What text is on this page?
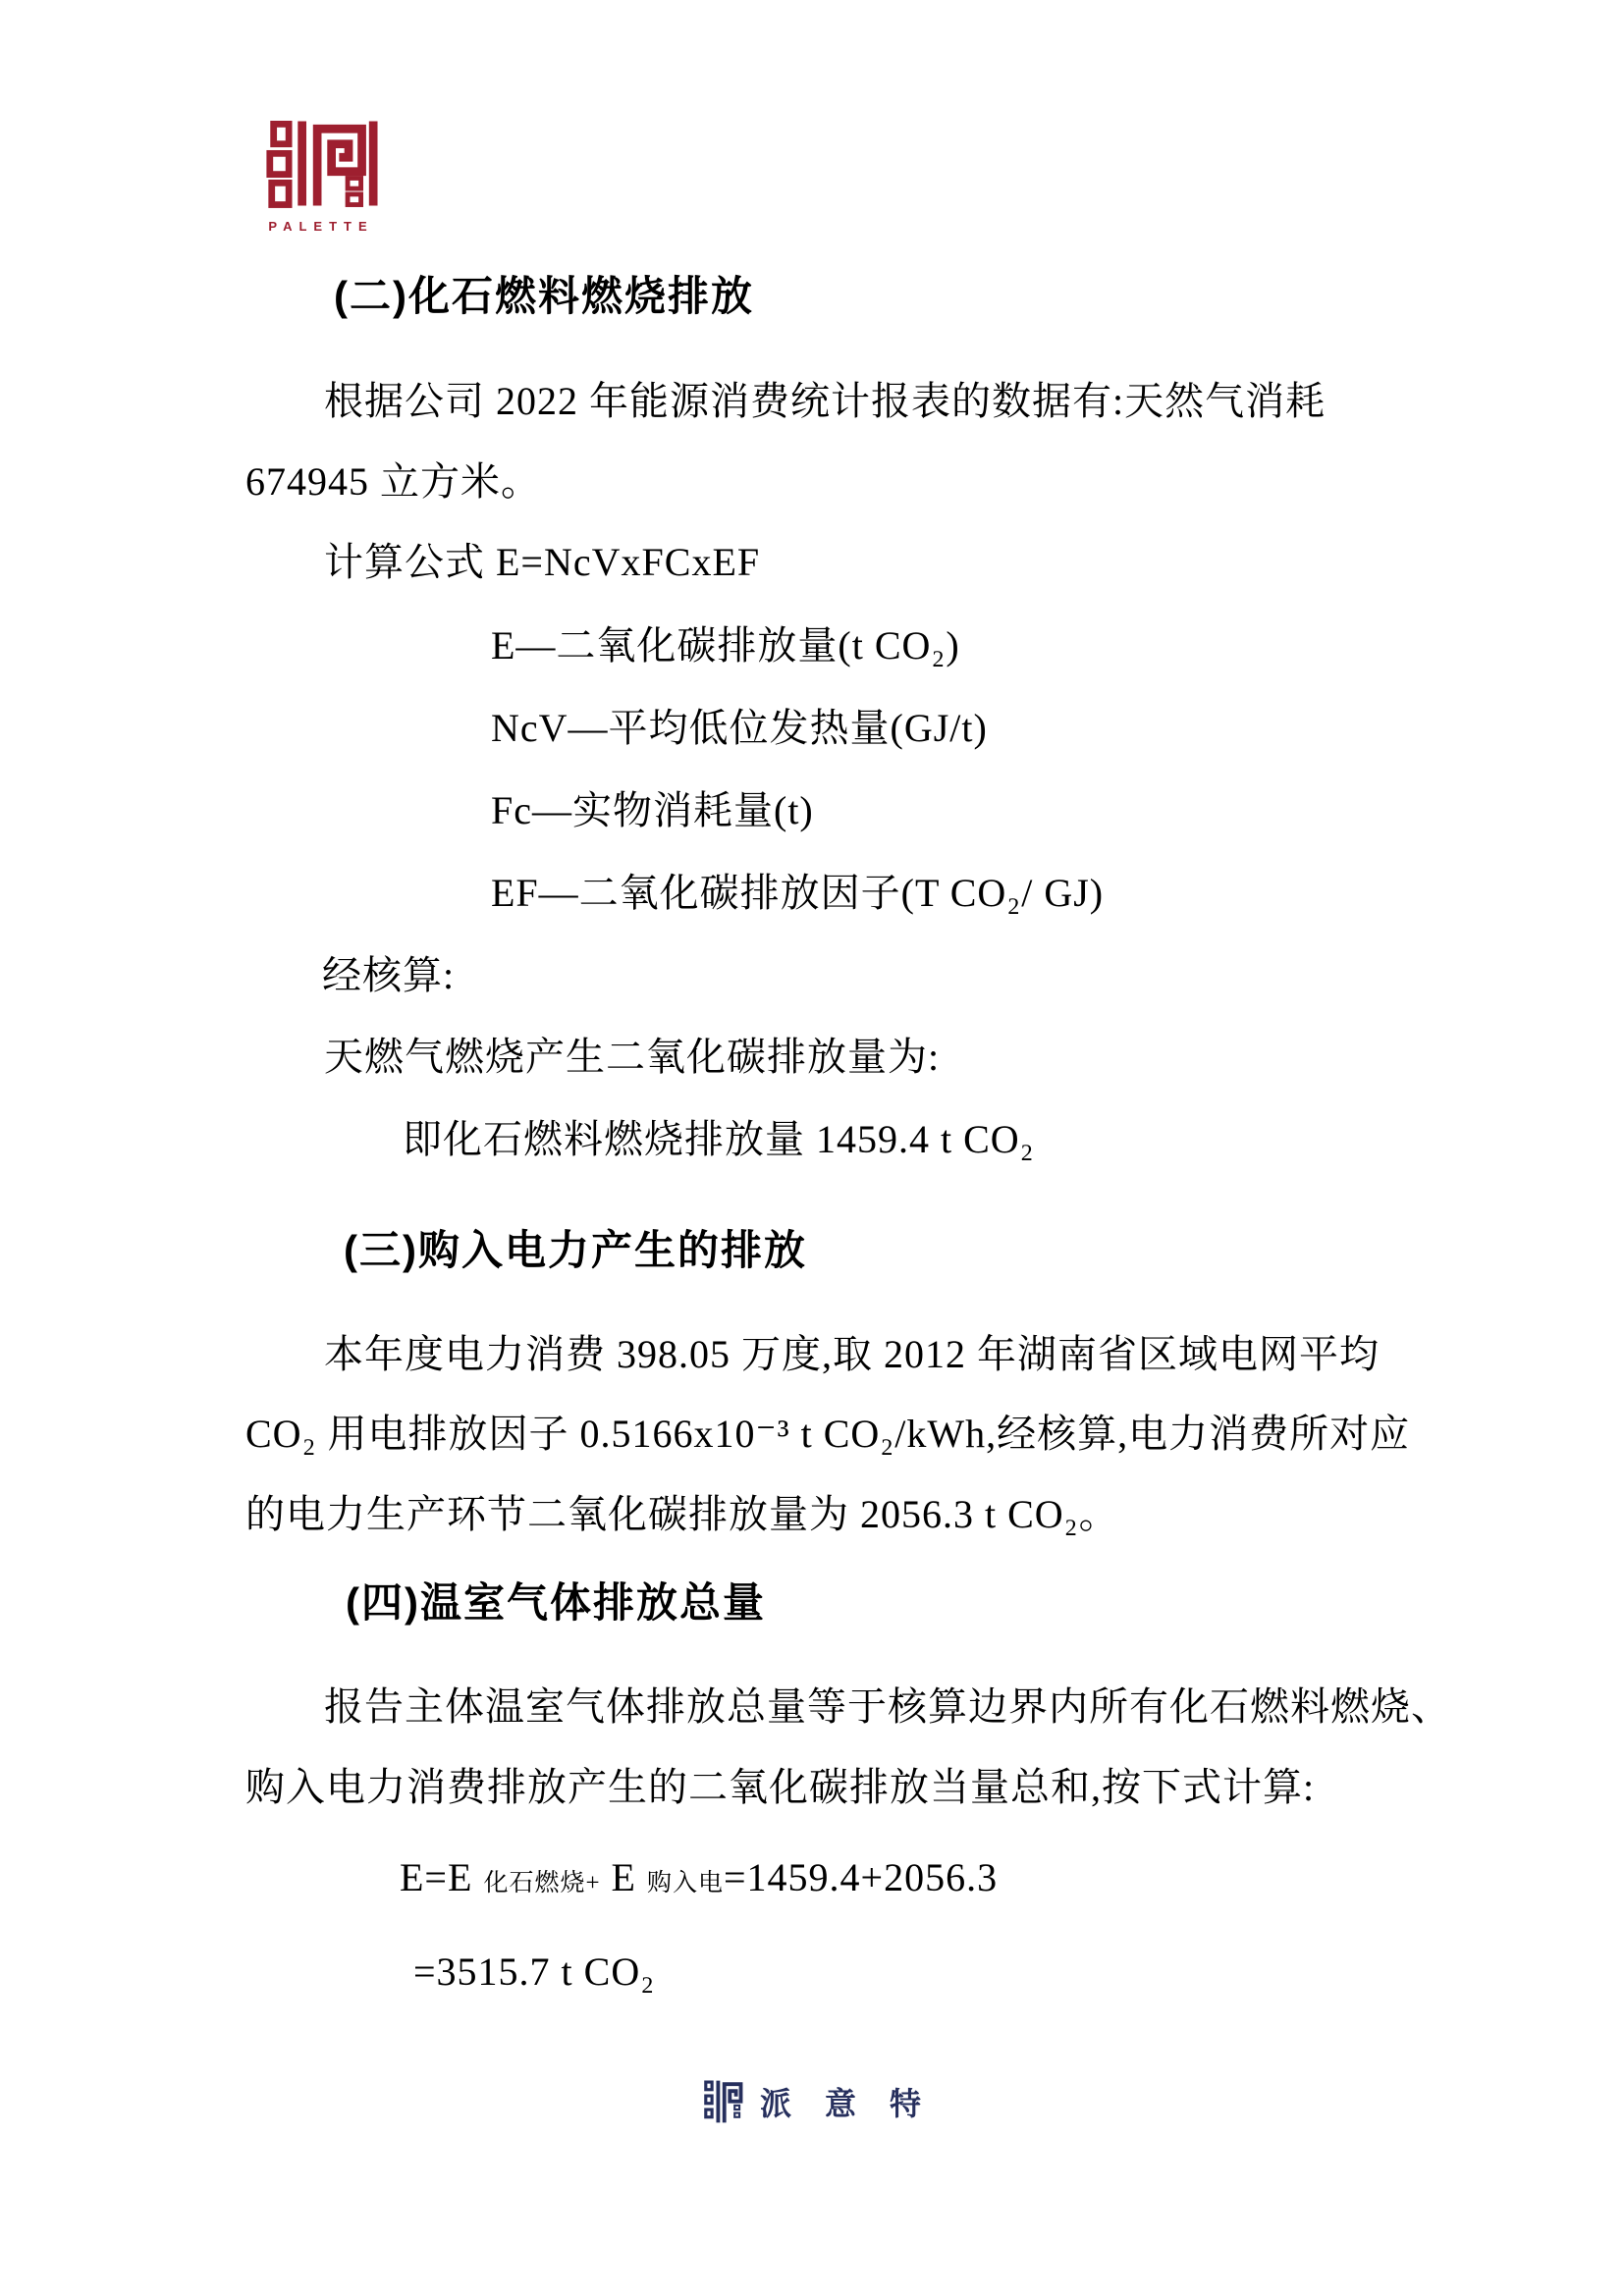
PALETTE
(二)化石燃料燃烧排放
根据公司 2022 年能源消费统计报表的数据有:天然气消耗
674945 立方米。
计算公式 E=NcVxFCxEF
E—二氧化碳排放量(t CO₂)
NcV—平均低位发热量(GJ/t)
Fc—实物消耗量(t)
EF—二氧化碳排放因子(T CO₂/ GJ)
经核算:
天燃气燃烧产生二氧化碳排放量为:
即化石燃料燃烧排放量 1459.4 t CO₂
(三)购入电力产生的排放
本年度电力消费 398.05 万度,取 2012 年湖南省区域电网平均
CO₂ 用电排放因子 0.5166x10⁻³ t CO₂/kWh,经核算,电力消费所对应
的电力生产环节二氧化碳排放量为 2056.3 t CO₂。
(四)温室气体排放总量
报告主体温室气体排放总量等于核算边界内所有化石燃料燃烧、
购入电力消费排放产生的二氧化碳排放当量总和,按下式计算:
E=E 化石燃烧+ E 购入电=1459.4+2056.3
=3515.7 t CO₂
派意特
